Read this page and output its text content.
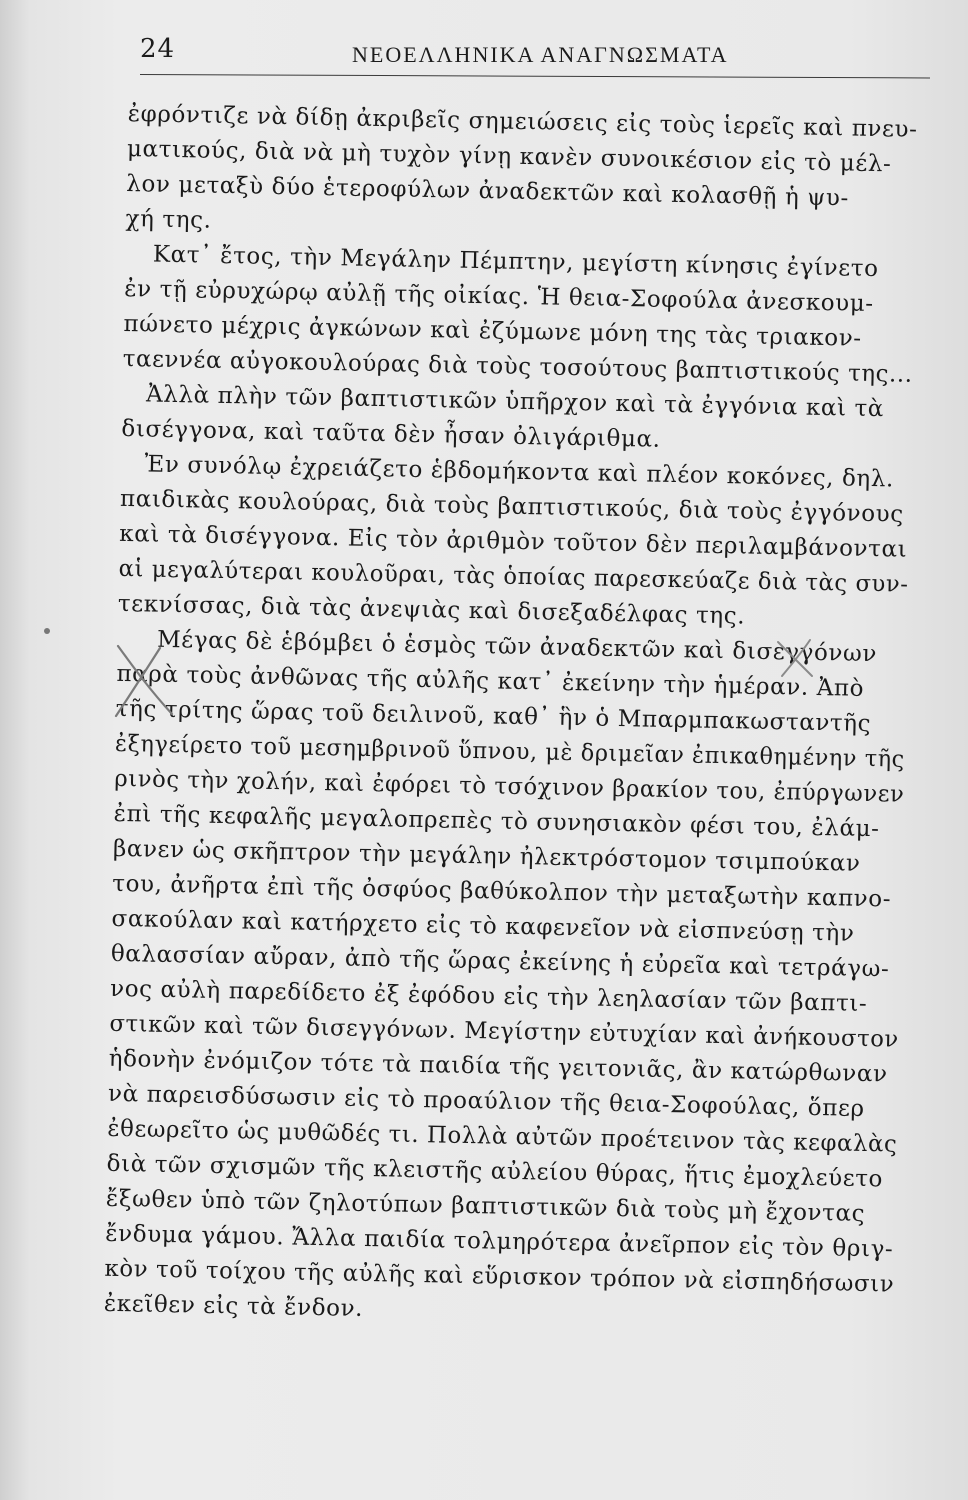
24	ΝΕΟΕΛΛΗΝΙΚΑ ΑΝΑΓΝΩΣΜΑΤΑ
ἐφρόντιζε νὰ δίδῃ ἀκριβεῖς σημειώσεις εἰς τοὺς ἱερεῖς καὶ πνευ-
ματικούς, διὰ νὰ μὴ τυχὸν γίνῃ κανὲν συνοικέσιον εἰς τὸ μέλ-
λον μεταξὺ δύο ἑτεροφύλων ἀναδεκτῶν καὶ κολασθῇ ἡ ψυ-
χή της.
Κατ᾽ ἔτος, τὴν Μεγάλην Πέμπτην, μεγίστη κίνησις ἐγίνετο
ἐν τῇ εὐρυχώρῳ αὐλῇ τῆς οἰκίας. Ἡ θεια-Σοφούλα ἀνεσκουμ-
πώνετο μέχρις ἀγκώνων καὶ ἐζύμωνε μόνη της τὰς τριακον-
ταεννέα αὐγοκουλούρας διὰ τοὺς τοσούτους βαπτιστικούς της...
Ἀλλὰ πλὴν τῶν βαπτιστικῶν ὑπῆρχον καὶ τὰ ἐγγόνια καὶ τὰ
δισέγγονα, καὶ ταῦτα δὲν ἦσαν ὀλιγάριθμα.
Ἐν συνόλῳ ἐχρειάζετο ἑβδομήκοντα καὶ πλέον κοκόνες, δηλ.
παιδικὰς κουλούρας, διὰ τοὺς βαπτιστικούς, διὰ τοὺς ἐγγόνους
καὶ τὰ δισέγγονα. Εἰς τὸν ἀριθμὸν τοῦτον δὲν περιλαμβάνονται
αἱ μεγαλύτεραι κουλοῦραι, τὰς ὁποίας παρεσκεύαζε διὰ τὰς συν-
τεκνίσσας, διὰ τὰς ἀνεψιὰς καὶ δισεξαδέλφας της.
Μέγας δὲ ἑβόμβει ὁ ἑσμὸς τῶν ἀναδεκτῶν καὶ δισεγγόνων
παρὰ τοὺς ἀνθῶνας τῆς αὐλῆς κατ᾽ ἐκείνην τὴν ἡμέραν. Ἀπὸ
τῆς τρίτης ὥρας τοῦ δειλινοῦ, καθ᾽ ἣν ὁ Μπαρμπακωσταντῆς
ἐξηγείρετο τοῦ μεσημβρινοῦ ὕπνου, μὲ δριμεῖαν ἐπικαθημένην τῆς
ρινὸς τὴν χολήν, καὶ ἐφόρει τὸ τσόχινον βρακίον του, ἐπύργωνεν
ἐπὶ τῆς κεφαλῆς μεγαλοπρεπὲς τὸ συνησιακὸν φέσι του, ἐλάμ-
βανεν ὡς σκῆπτρον τὴν μεγάλην ἠλεκτρόστομον τσιμπούκαν
του, ἀνῆρτα ἐπὶ τῆς ὀσφύος βαθύκολπον τὴν μεταξωτὴν καπνο-
σακούλαν καὶ κατήρχετο εἰς τὸ καφενεῖον νὰ εἰσπνεύσῃ τὴν
θαλασσίαν αὔραν, ἀπὸ τῆς ὥρας ἐκείνης ἡ εὐρεῖα καὶ τετράγω-
νος αὐλὴ παρεδίδετο ἐξ ἐφόδου εἰς τὴν λεηλασίαν τῶν βαπτι-
στικῶν καὶ τῶν δισεγγόνων. Μεγίστην εὐτυχίαν καὶ ἀνήκουστον
ἡδονὴν ἐνόμιζον τότε τὰ παιδία τῆς γειτονιᾶς, ἂν κατώρθωναν
νὰ παρεισδύσωσιν εἰς τὸ προαύλιον τῆς θεια-Σοφούλας, ὅπερ
ἐθεωρεῖτο ὡς μυθῶδές τι. Πολλὰ αὐτῶν προέτεινον τὰς κεφαλὰς
διὰ τῶν σχισμῶν τῆς κλειστῆς αὐλείου θύρας, ἥτις ἐμοχλεύετο
ἔξωθεν ὑπὸ τῶν ζηλοτύπων βαπτιστικῶν διὰ τοὺς μὴ ἔχοντας
ἔνδυμα γάμου. Ἄλλα παιδία τολμηρότερα ἀνεῖρπον εἰς τὸν θριγ-
κὸν τοῦ τοίχου τῆς αὐλῆς καὶ εὕρισκον τρόπον νὰ εἰσπηδήσωσιν
ἐκεῖθεν εἰς τὰ ἔνδον.
